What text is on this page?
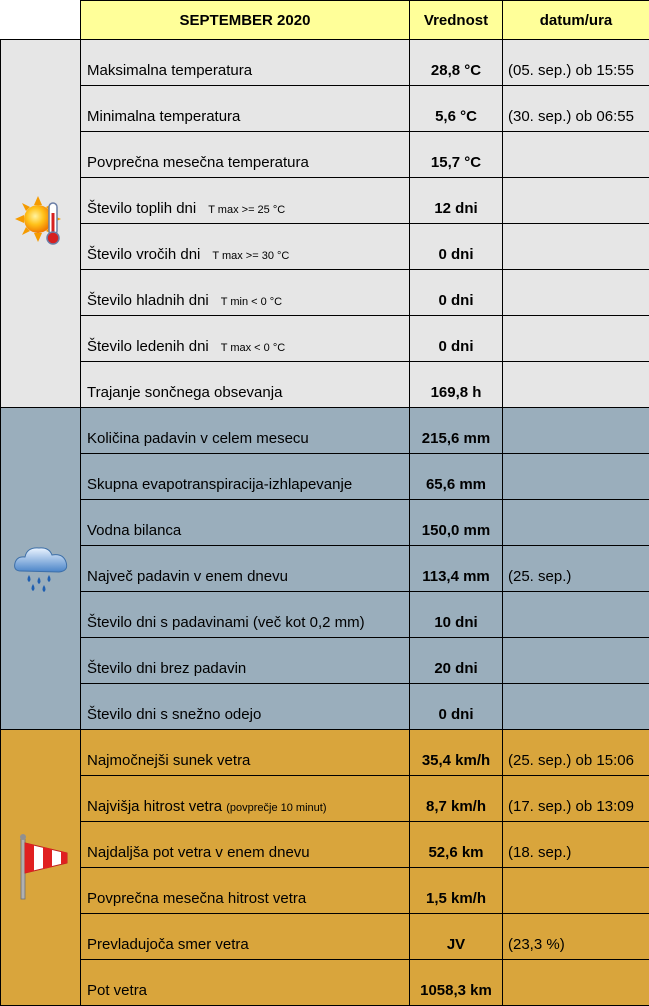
	SEPTEMBER 2020	Vrednost	datum/ura
	Maksimalna temperatura	28,8 °C	(05. sep.) ob 15:55
	Minimalna temperatura	5,6 °C	(30. sep.) ob 06:55
	Povprečna mesečna temperatura	15,7 °C	
	Število toplih dni T max >= 25 °C	12 dni	
	Število vročih dni T max >= 30 °C	0 dni	
	Število hladnih dni T min < 0 °C	0 dni	
	Število ledenih dni T max < 0 °C	0 dni	
	Trajanje sončnega obsevanja	169,8 h	
	Količina padavin v celem mesecu	215,6 mm	
	Skupna evapotranspiracija-izhlapevanje	65,6 mm	
	Vodna bilanca	150,0 mm	
	Največ padavin v enem dnevu	113,4 mm	(25. sep.)
	Število dni s padavinami (več kot 0,2 mm)	10 dni	
	Število dni brez padavin	20 dni	
	Število dni s snežno odejo	0 dni	
	Najmočnejši sunek vetra	35,4 km/h	(25. sep.) ob 15:06
	Najvišja hitrost vetra (povprečje 10 minut)	8,7 km/h	(17. sep.) ob 13:09
	Najdaljša pot vetra v enem dnevu	52,6 km	(18. sep.)
	Povprečna mesečna hitrost vetra	1,5 km/h	
	Prevladujoča smer vetra	JV	(23,3 %)
	Pot vetra	1058,3 km	
